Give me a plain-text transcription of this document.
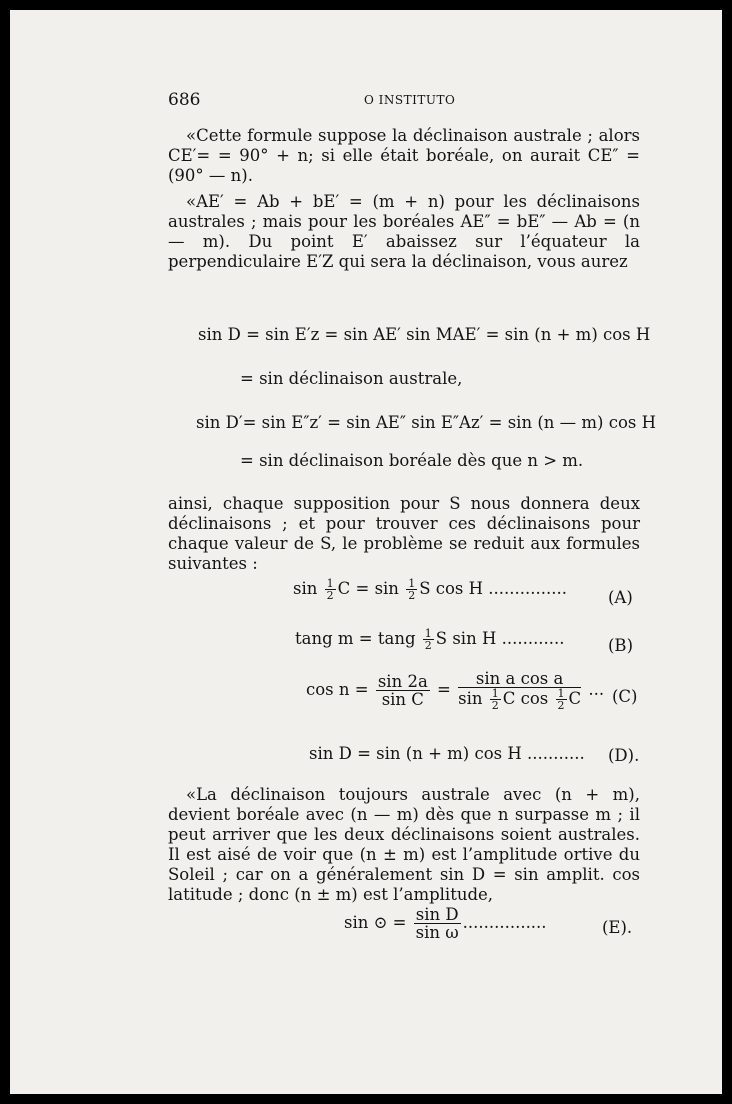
686	O INSTITUTO
«Cette formule suppose la déclinaison australe ; alors CE′= = 90° + n; si elle était boréale, on aurait CE″ = (90° — n).
«AE′ = Ab + bE′ = (m + n) pour les déclinaisons australes ; mais pour les boréales AE″ = bE″ — Ab = (n — m). Du point E′ abaissez sur l’équateur la perpendiculaire E′Z qui sera la déclinaison, vous aurez
sin D = sin E′z = sin AE′ sin MAE′ = sin (n + m) cos H
= sin déclinaison australe,
sin D′= sin E″z′ = sin AE″ sin E″Az′ = sin (n — m) cos H
= sin déclinaison boréale dès que n > m.
ainsi, chaque supposition pour S nous donnera deux déclinaisons ; et pour trouver ces déclinaisons pour chaque valeur de S, le problème se reduit aux formules suivantes :
$\sin \frac{1}{2}$ $C = \sin \frac{1}{2}$ S cos H ............... (A)
tang m = tang $\frac{1}{2}$ S sin H ............	(B)
$\cos n = \frac{\sin 2a}{\text{sin C}} = \frac{\text{sin a cos a}}{\sin \frac{1}{2} C \cos \frac{1}{2} C}$ ... (C)
sin D = sin (n + m) cos H ........... (D).
«La déclinaison toujours australe avec (n + m), devient boréale avec (n — m) dès que n surpasse m ; il peut arriver que les deux déclinaisons soient australes. Il est aisé de voir que (n ± m) est l’amplitude ortive du Soleil ; car on a généralement sin D = sin amplit. cos latitude ; donc (n ± m) est l’amplitude,
sin ⊙ = $\frac{\text{sin D}}{\text{sin ω}}$ ................	(E).
